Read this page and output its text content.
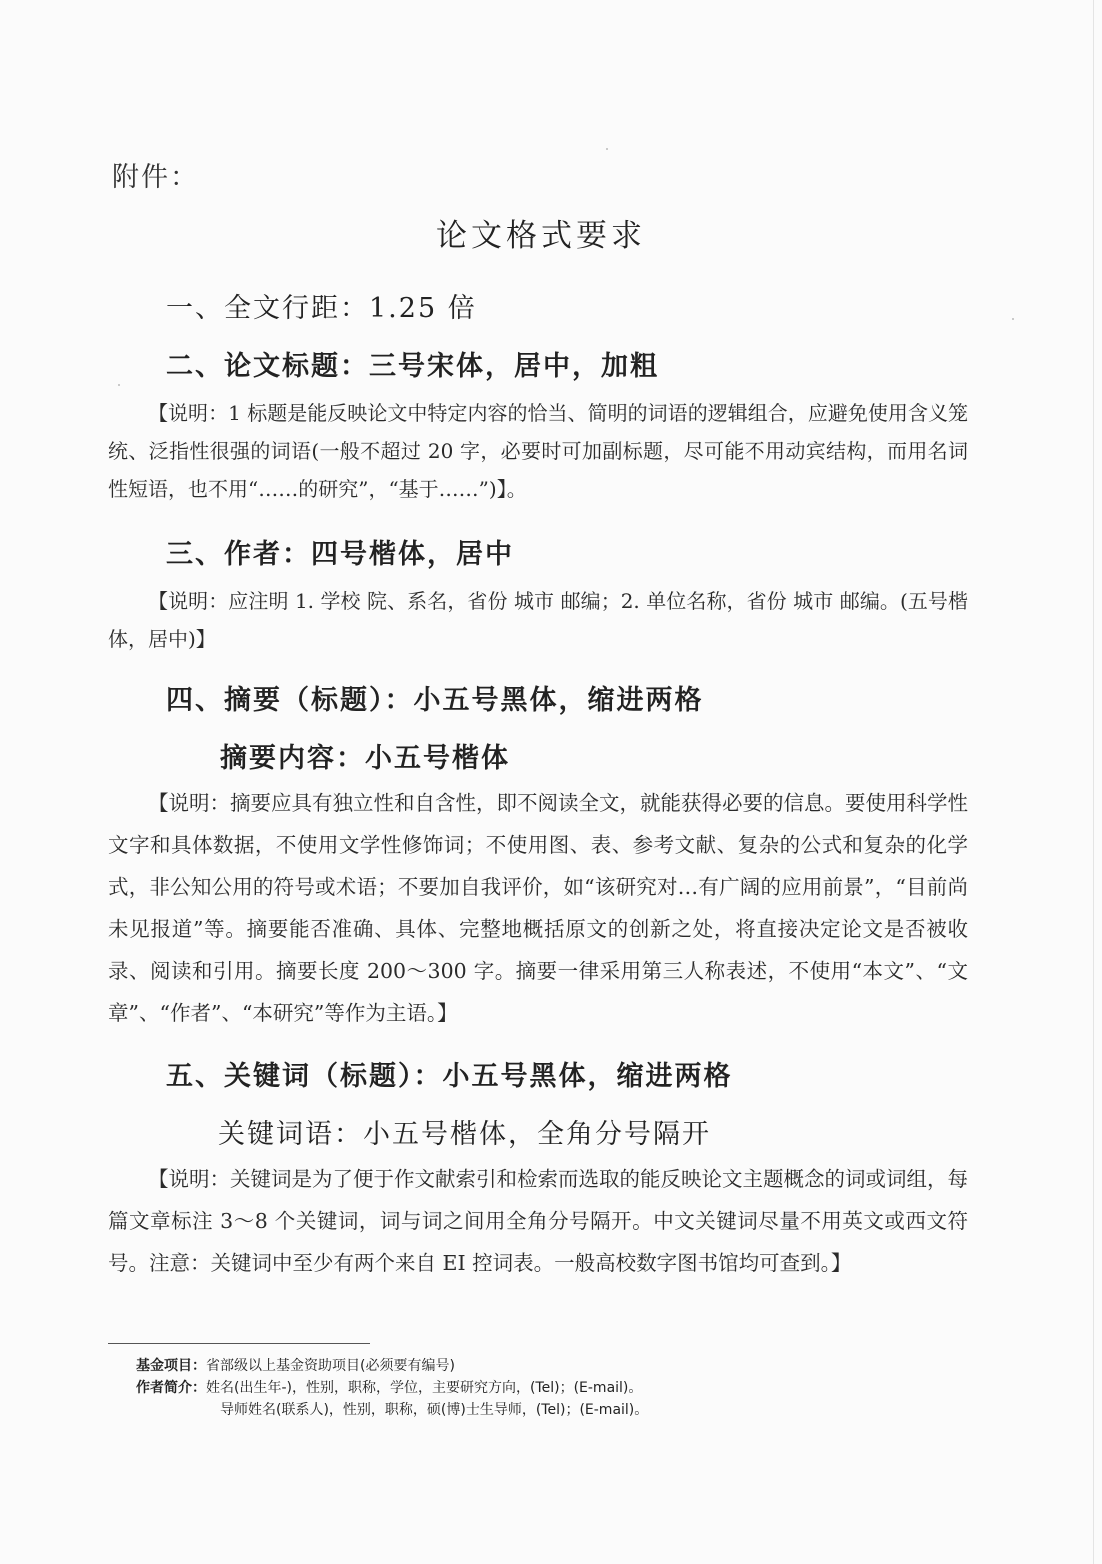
附件：
论文格式要求
一、全文行距：1.25 倍
二、论文标题：三号宋体，居中，加粗
【说明：1 标题是能反映论文中特定内容的恰当、简明的词语的逻辑组合，应避免使用含义笼统、泛指性很强的词语(一般不超过 20 字，必要时可加副标题，尽可能不用动宾结构，而用名词性短语，也不用“……的研究”，“基于……”)】。
三、作者：四号楷体，居中
【说明：应注明 1. 学校 院、系名，省份 城市 邮编；2. 单位名称，省份 城市 邮编。(五号楷体，居中)】
四、摘要（标题）：小五号黑体，缩进两格
摘要内容：小五号楷体
【说明：摘要应具有独立性和自含性，即不阅读全文，就能获得必要的信息。要使用科学性文字和具体数据，不使用文学性修饰词；不使用图、表、参考文献、复杂的公式和复杂的化学式，非公知公用的符号或术语；不要加自我评价，如“该研究对…有广阔的应用前景”，“目前尚未见报道”等。摘要能否准确、具体、完整地概括原文的创新之处，将直接决定论文是否被收录、阅读和引用。摘要长度 200～300 字。摘要一律采用第三人称表述，不使用“本文”、“文章”、“作者”、“本研究”等作为主语。】
五、关键词（标题）：小五号黑体，缩进两格
关键词语：小五号楷体，全角分号隔开
【说明：关键词是为了便于作文献索引和检索而选取的能反映论文主题概念的词或词组，每篇文章标注 3～8 个关键词，词与词之间用全角分号隔开。中文关键词尽量不用英文或西文符号。注意：关键词中至少有两个来自 EI 控词表。一般高校数字图书馆均可查到。】
基金项目：省部级以上基金资助项目(必须要有编号)
作者简介：姓名(出生年-)，性别，职称，学位，主要研究方向，(Tel)；(E-mail)。
导师姓名(联系人)，性别，职称，硕(博)士生导师，(Tel)；(E-mail)。
